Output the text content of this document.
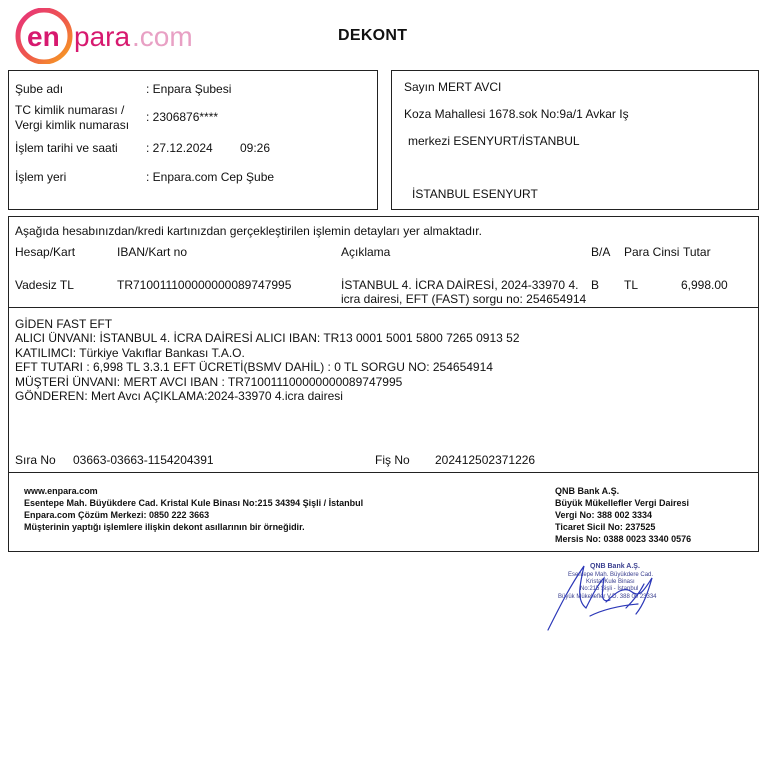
en para .com	DEKONT
Şube adı	: Enpara Şubesi
TC kimlik numarası /
Vergi kimlik numarası
: 2306876****
İşlem tarihi ve saati : 27.12.2024 09:26
İşlem yeri	: Enpara.com Cep Şube
Sayın MERT AVCI
Koza Mahallesi 1678.sok No:9a/1 Avkar Iş
merkezi ESENYURT/İSTANBUL
İSTANBUL ESENYURT
Aşağıda hesabınızdan/kredi kartınızdan gerçekleştirilen işlemin detayları yer almaktadır.
Hesap/Kart	IBAN/Kart no	Açıklama	B/A Para Cinsi Tutar
Vadesiz TL	TR710011100000000089747995	İSTANBUL 4. İCRA DAİRESİ, 2024-33970 4.
icra dairesi, EFT (FAST) sorgu no: 254654914
B TL	6,998.00
GİDEN FAST EFT
ALICI ÜNVANI: İSTANBUL 4. İCRA DAİRESİ ALICI IBAN: TR13 0001 5001 5800 7265 0913 52
KATILIMCI: Türkiye Vakıflar Bankası T.A.O.
EFT TUTARI : 6,998 TL 3.3.1 EFT ÜCRETİ(BSMV DAHİL) : 0 TL SORGU NO: 254654914
MÜŞTERİ ÜNVANI: MERT AVCI IBAN : TR710011100000000089747995
GÖNDEREN: Mert Avcı AÇIKLAMA:2024-33970 4.icra dairesi
Sıra No 03663-03663-1154204391	Fiş No 202412502371226
www.enpara.com
Esentepe Mah. Büyükdere Cad. Kristal Kule Binası No:215 34394 Şişli / İstanbul
Enpara.com Çözüm Merkezi: 0850 222 3663
Müşterinin yaptığı işlemlere ilişkin dekont asıllarının bir örneğidir.
QNB Bank A.Ş.
Büyük Mükellefler Vergi Dairesi
Vergi No: 388 002 3334
Ticaret Sicil No: 237525
Mersis No: 0388 0023 3340 0576
QNB Bank A.Ş.
Esentepe Mah. Büyükdere Cad.
Kristal Kule Binası
No:215 Şişli - İstanbul
Büyük Mükellefler V.D. 388 00 23334
